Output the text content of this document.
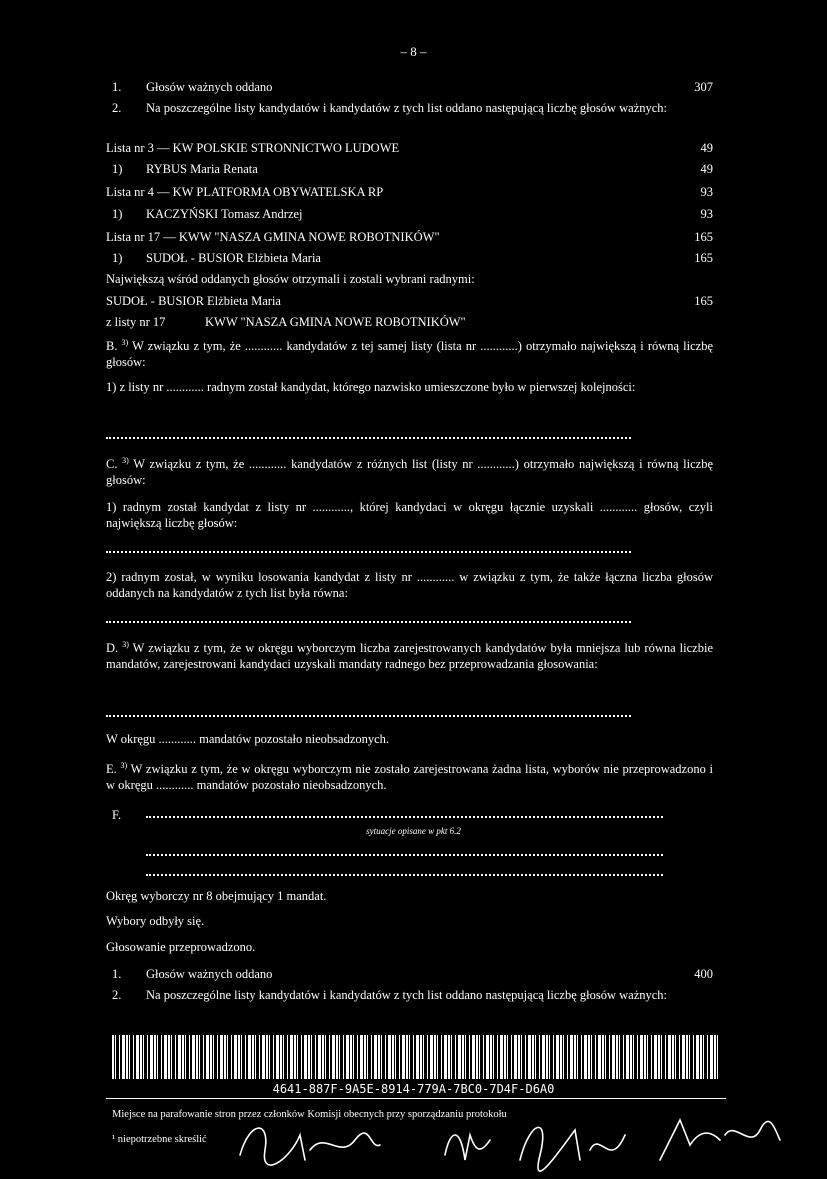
– 8 –
1. Głosów ważnych oddano	307
2. Na poszczególne listy kandydatów i kandydatów z tych list oddano następującą liczbę głosów ważnych:
Lista nr 3 — KW POLSKIE STRONNICTWO LUDOWE	49
1) RYBUS Maria Renata	49
Lista nr 4 — KW PLATFORMA OBYWATELSKA RP	93
1) KACZYŃSKI Tomasz Andrzej	93
Lista nr 17 — KWW "NASZA GMINA NOWE ROBOTNIKÓW"	165
1) SUDOŁ - BUSIOR Elżbieta Maria	165
Największą wśród oddanych głosów otrzymali i zostali wybrani radnymi:
SUDOŁ - BUSIOR Elżbieta Maria	165
z listy nr 17	KWW "NASZA GMINA NOWE ROBOTNIKÓW"
B. $^{3)}$ W związku z tym, że ............ kandydatów z tej samej listy (lista nr ............) otrzymało największą i równą liczbę głosów:
1) z listy nr ............ radnym został kandydat, którego nazwisko umieszczone było w pierwszej kolejności:
C. $^{3)}$ W związku z tym, że ............ kandydatów z różnych list (listy nr ............) otrzymało największą i równą liczbę głosów:
1) radnym został kandydat z listy nr ............, której kandydaci w okręgu łącznie uzyskali ............ głosów, czyli największą liczbę głosów:
2) radnym został, w wyniku losowania kandydat z listy nr ............ w związku z tym, że także łączna liczba głosów oddanych na kandydatów z tych list była równa:
D. $^{3)}$ W związku z tym, że w okręgu wyborczym liczba zarejestrowanych kandydatów była mniejsza lub równa liczbie mandatów, zarejestrowani kandydaci uzyskali mandaty radnego bez przeprowadzania głosowania:
W okręgu ............ mandatów pozostało nieobsadzonych.
E. $^{3)}$ W związku z tym, że w okręgu wyborczym nie zostało zarejestrowana żadna lista, wyborów nie przeprowadzono i w okręgu ............ mandatów pozostało nieobsadzonych.
F.
sytuacje opisane w pkt 6.2
Okręg wyborczy nr 8 obejmujący 1 mandat.
Wybory odbyły się.
Głosowanie przeprowadzono.
1. Głosów ważnych oddano	400
2. Na poszczególne listy kandydatów i kandydatów z tych list oddano następującą liczbę głosów ważnych:
4641-887F-9A5E-8914-779A-7BC0-7D4F-D6A0
Miejsce na parafowanie stron przez członków Komisji obecnych przy sporządzaniu protokołu
¹ niepotrzebne skreślić
